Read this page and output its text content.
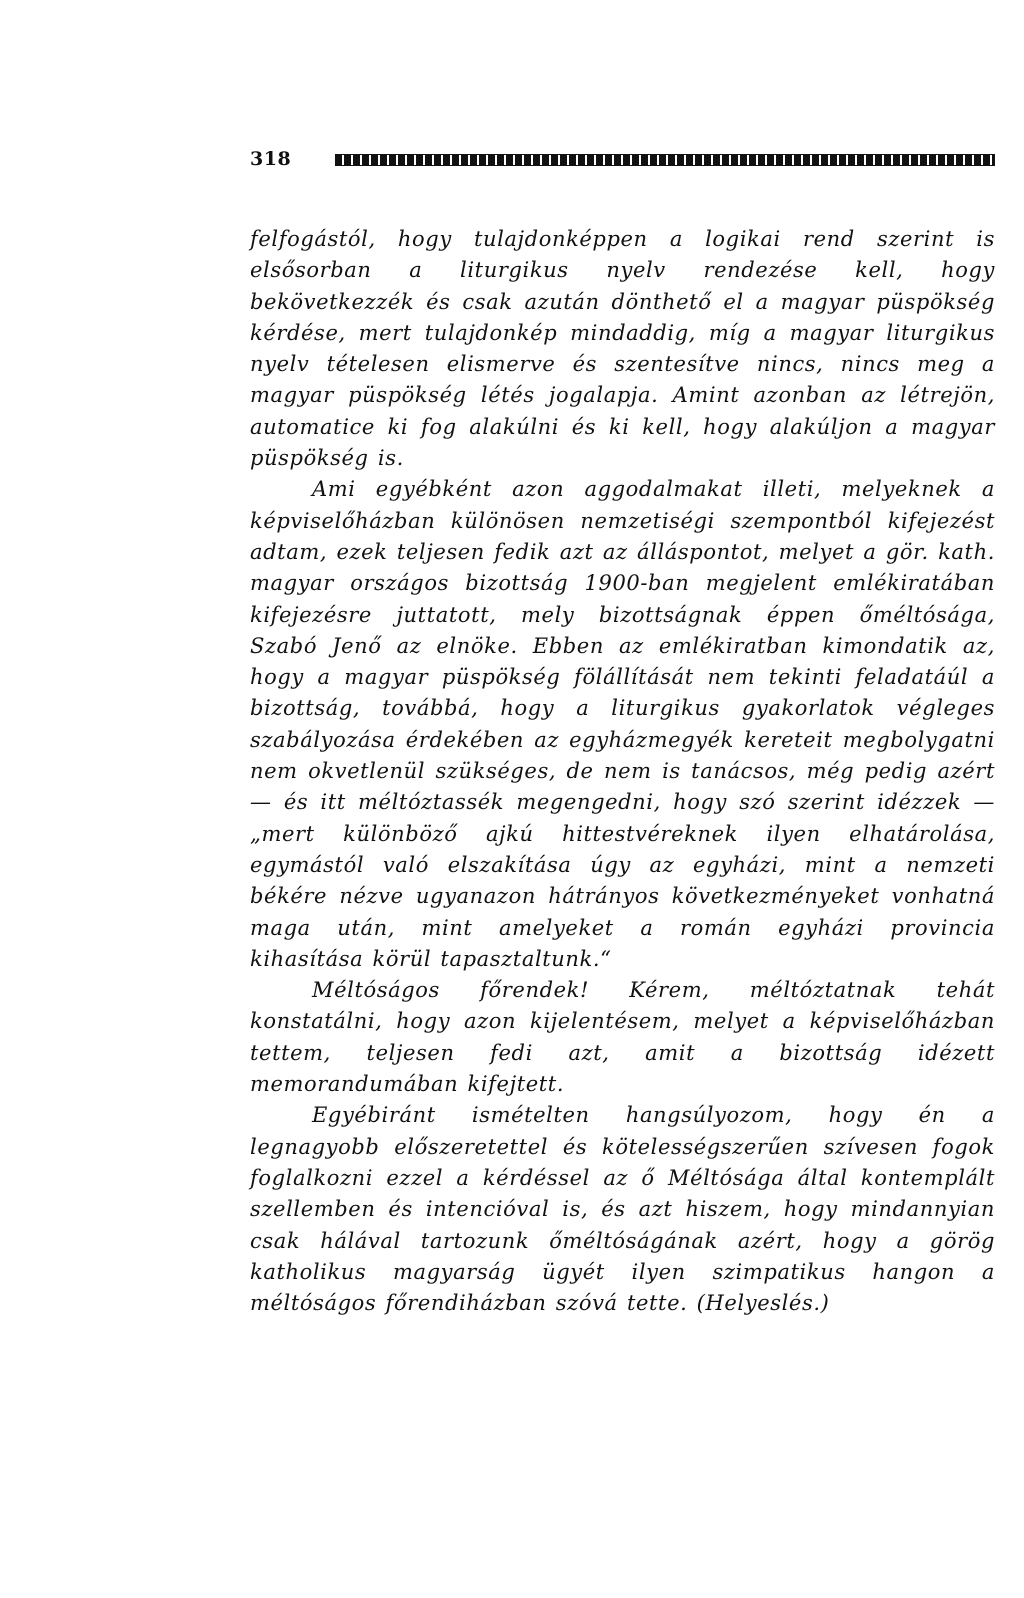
318

felfogástól, hogy tulajdonképpen a logikai rend szerint is elsősorban a liturgikus nyelv rendezése kell, hogy bekövetkezzék és csak azután dönthető el a magyar püspökség kérdése, mert tulajdonkép mindaddig, míg a magyar liturgikus nyelv tételesen elismerve és szentesítve nincs, nincs meg a magyar püspökség létés jogalapja. Amint azonban az létrejön, automatice ki fog alakúlni és ki kell, hogy alakúljon a magyar püspökség is.

Ami egyébként azon aggodalmakat illeti, melyeknek a képviselőházban különösen nemzetiségi szempontból kifejezést adtam, ezek teljesen fedik azt az álláspontot, melyet a gör. kath. magyar országos bizottság 1900-ban megjelent emlékiratában kifejezésre juttatott, mely bizottságnak éppen őméltósága, Szabó Jenő az elnöke. Ebben az emlékiratban kimondatik az, hogy a magyar püspökség fölállítását nem tekinti feladatáúl a bizottság, továbbá, hogy a liturgikus gyakorlatok végleges szabályozása érdekében az egyházmegyék kereteit megbolygatni nem okvetlenül szükséges, de nem is tanácsos, még pedig azért — és itt méltóztassék megengedni, hogy szó szerint idézzek — „mert különböző ajkú hittestvéreknek ilyen elhatárolása, egymástól való elszakítása úgy az egyházi, mint a nemzeti békére nézve ugyanazon hátrányos következményeket vonhatná maga után, mint amelyeket a román egyházi provincia kihasítása körül tapasztaltunk.“

Méltóságos főrendek! Kérem, méltóztatnak tehát konstatálni, hogy azon kijelentésem, melyet a képviselőházban tettem, teljesen fedi azt, amit a bizottság idézett memorandumában kifejtett.

Egyébiránt ismételten hangsúlyozom, hogy én a legnagyobb előszeretettel és kötelességszerűen szívesen fogok foglalkozni ezzel a kérdéssel az ő Méltósága által kontemplált szellemben és intencióval is, és azt hiszem, hogy mindannyian csak hálával tartozunk őméltóságának azért, hogy a görög katholikus magyarság ügyét ilyen szimpatikus hangon a méltóságos főrendiházban szóvá tette. (Helyeslés.)
